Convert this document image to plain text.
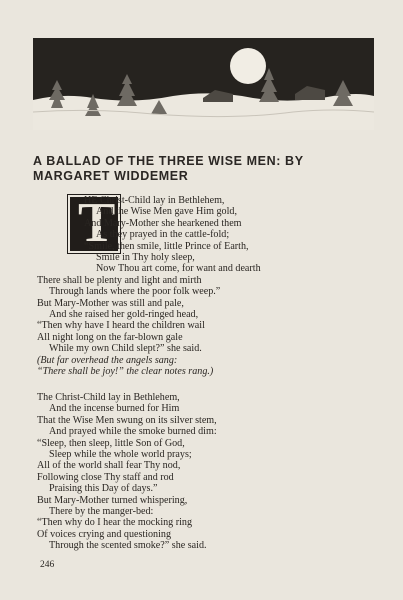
A BALLAD OF THE THREE WISE MEN: BY MARGARET WIDDEMER
T
HE Christ-Child lay in Bethlehem,
And the Wise Men gave Him gold,
And Mary-Mother she hearkened them
As they prayed in the cattle-fold;
“Smile, then smile, little Prince of Earth,
Smile in Thy holy sleep,
Now Thou art come, for want and dearth
There shall be plenty and light and mirth
Through lands where the poor folk weep.”
But Mary-Mother was still and pale,
And she raised her gold-ringed head,
“Then why have I heard the children wail
All night long on the far-blown gale
While my own Child slept?” she said.
(But far overhead the angels sang:
“There shall be joy!” the clear notes rang.)
The Christ-Child lay in Bethlehem,
And the incense burned for Him
That the Wise Men swung on its silver stem,
And prayed while the smoke burned dim:
“Sleep, then sleep, little Son of God,
Sleep while the whole world prays;
All of the world shall fear Thy nod,
Following close Thy staff and rod
Praising this Day of days.”
But Mary-Mother turned whispering,
There by the manger-bed:
“Then why do I hear the mocking ring
Of voices crying and questioning
Through the scented smoke?” she said.
246
